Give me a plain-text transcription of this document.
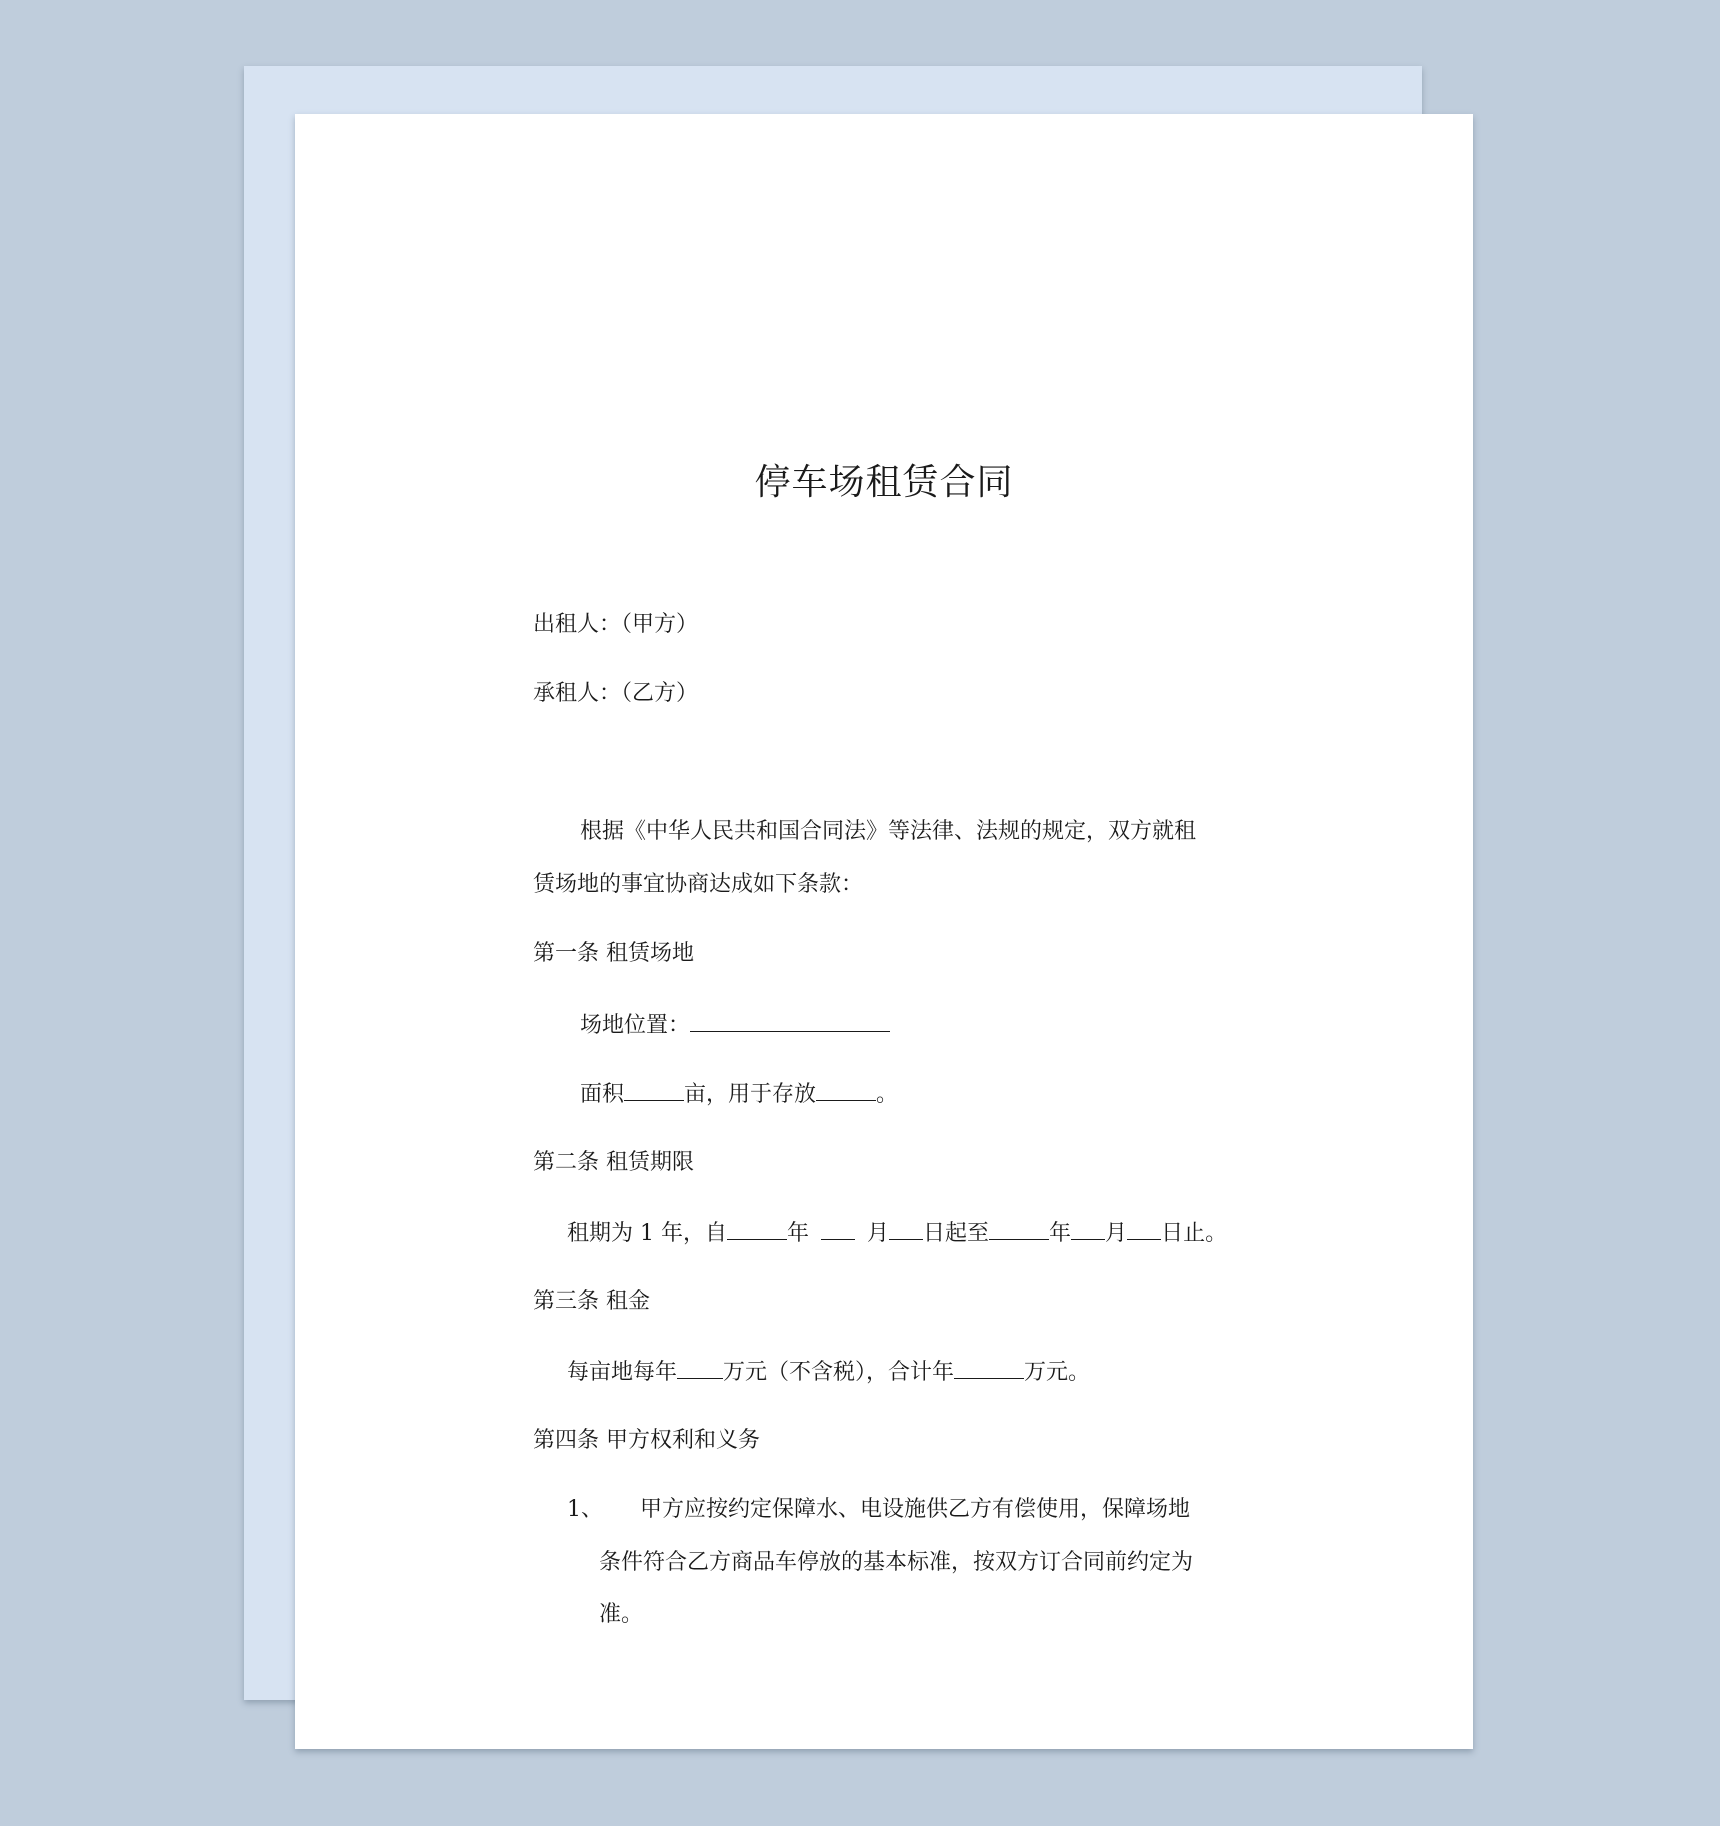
停车场租赁合同
出租人：（甲方）
承租人：（乙方）
根据《中华人民共和国合同法》等法律、法规的规定，双方就租
赁场地的事宜协商达成如下条款：
第一条 租赁场地
场地位置：
面积	亩，用于存放	。
第二条 租赁期限
租期为 1 年，自	年	月 日起至	年 月 日止。
第三条 租金
每亩地每年 万元（不含税），合计年	万元。
第四条 甲方权利和义务
1、 甲方应按约定保障水、电设施供乙方有偿使用，保障场地
条件符合乙方商品车停放的基本标准，按双方订合同前约定为
准。
